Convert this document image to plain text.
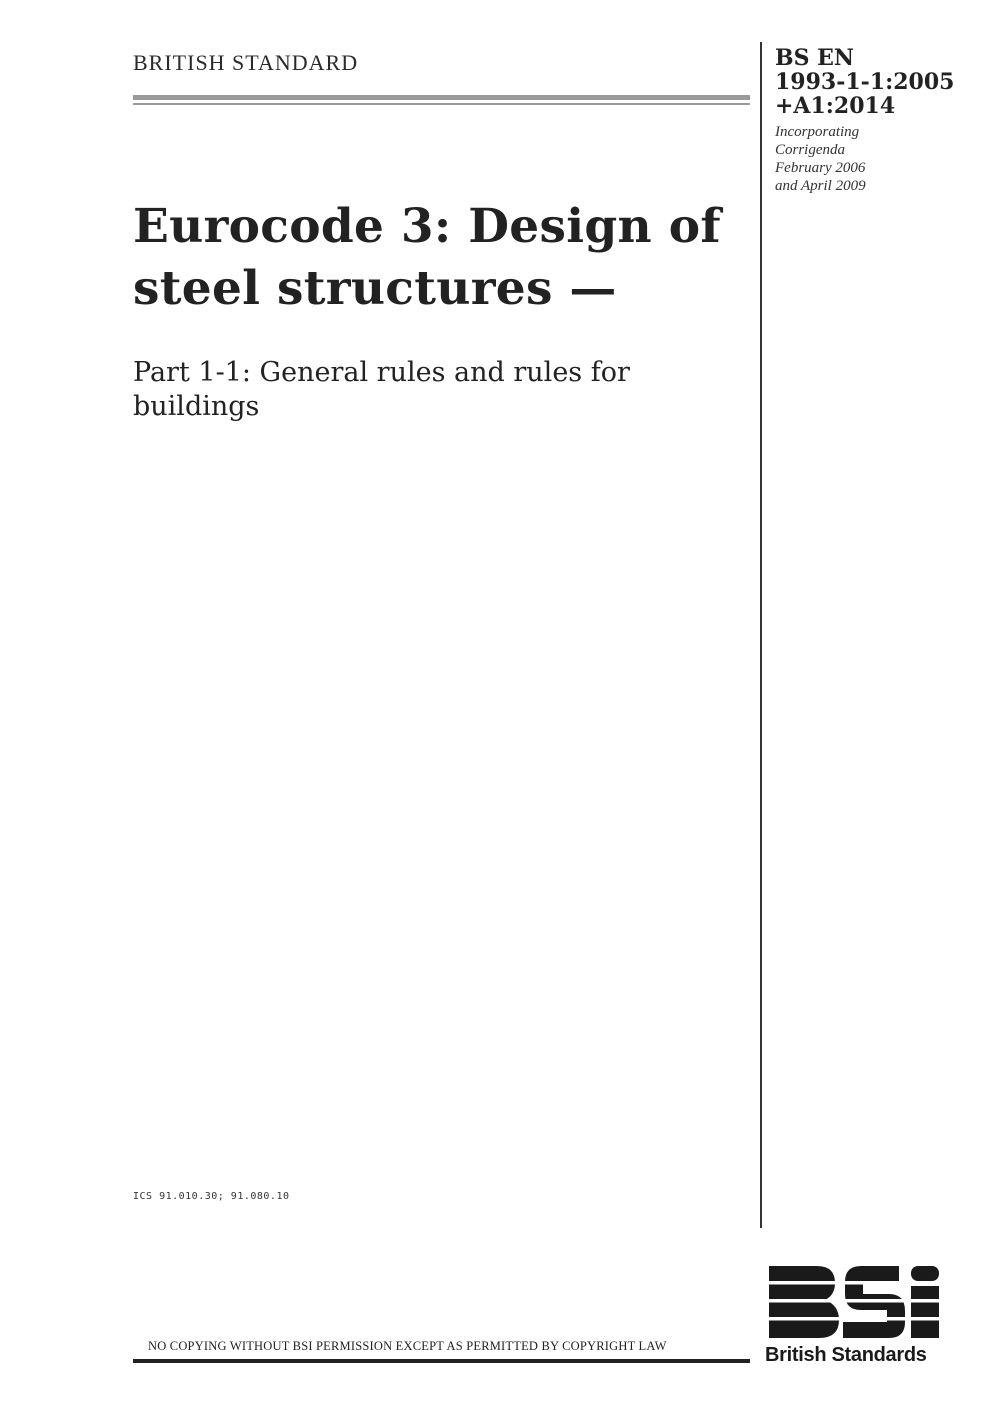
BRITISH STANDARD	BS EN
1993-1-1:2005
+A1:2014
Incorporating
Corrigenda
February 2006
and April 2009
Eurocode 3: Design of
steel structures —
Part 1-1: General rules and rules for
buildings
ICS 91.010.30; 91.080.10
NO COPYING WITHOUT BSI PERMISSION EXCEPT AS PERMITTED BY COPYRIGHT LAW	British Standards
